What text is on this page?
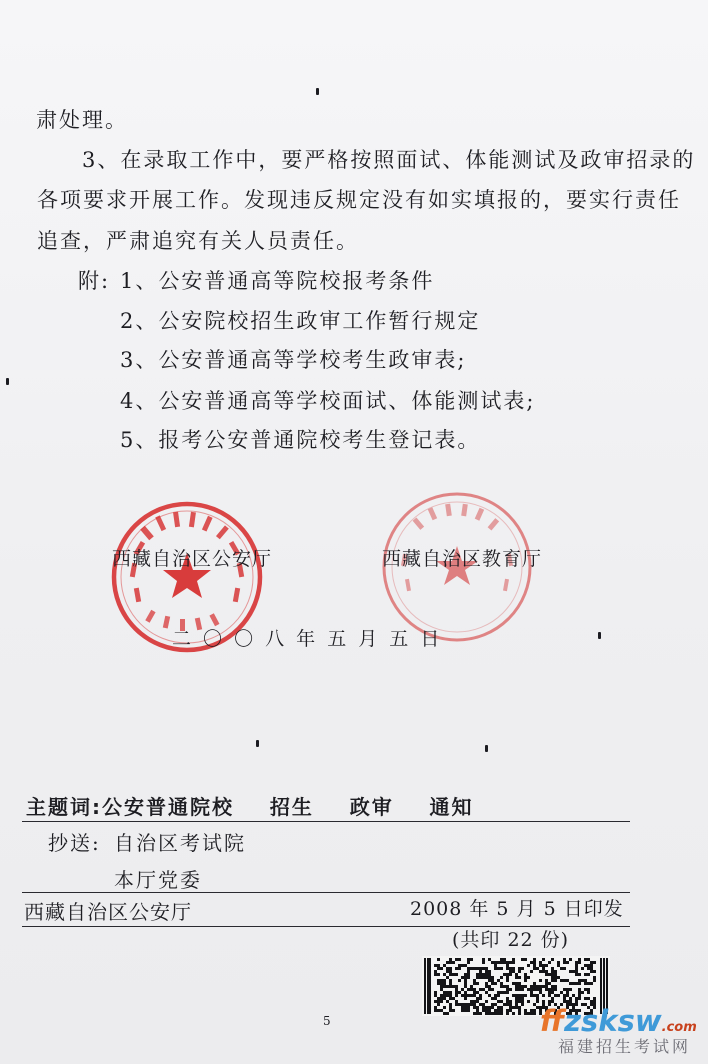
肃处理。
3、在录取工作中，要严格按照面试、体能测试及政审招录的
各项要求开展工作。发现违反规定没有如实填报的，要实行责任
追查，严肃追究有关人员责任。
附: 1、公安普通高等院校报考条件
2、公安院校招生政审工作暂行规定
3、公安普通高等学校考生政审表;
4、公安普通高等学校面试、体能测试表;
5、报考公安普通院校考生登记表。
西藏自治区公安厅	西藏自治区教育厅
二 〇 〇 八 年 五 月 五 日
主题词:公安普通院校    招生    政审    通知
抄送: 自治区考试院
本厅党委
西藏自治区公安厅	2008 年 5 月 5 日印发
(共印 22 份)
5	ffzsksw.com
福建招生考试网
